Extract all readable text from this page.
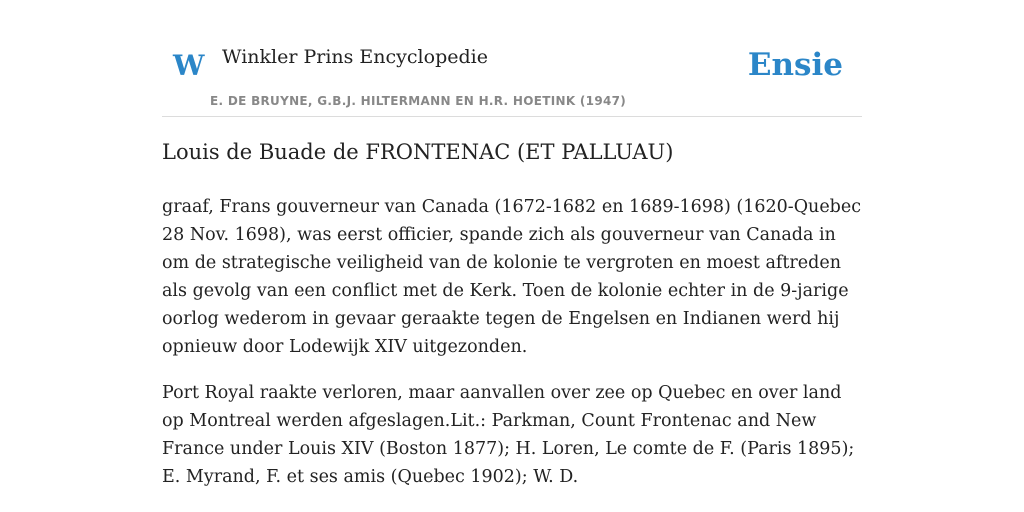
W Winkler Prins Encyclopedie
E. DE BRUYNE, G.B.J. HILTERMANN EN H.R. HOETINK (1947)
Ensie
Louis de Buade de FRONTENAC (ET PALLUAU)

graaf, Frans gouverneur van Canada (1672-1682 en 1689-1698) (1620-Quebec 28 Nov. 1698), was eerst officier, spande zich als gouverneur van Canada in om de strategische veiligheid van de kolonie te vergroten en moest aftreden als gevolg van een conflict met de Kerk. Toen de kolonie echter in de 9-jarige oorlog wederom in gevaar geraakte tegen de Engelsen en Indianen werd hij opnieuw door Lodewijk XIV uitgezonden.

Port Royal raakte verloren, maar aanvallen over zee op Quebec en over land op Montreal werden afgeslagen.Lit.: Parkman, Count Frontenac and New France under Louis XIV (Boston 1877); H. Loren, Le comte de F. (Paris 1895); E. Myrand, F. et ses amis (Quebec 1902); W. D.
